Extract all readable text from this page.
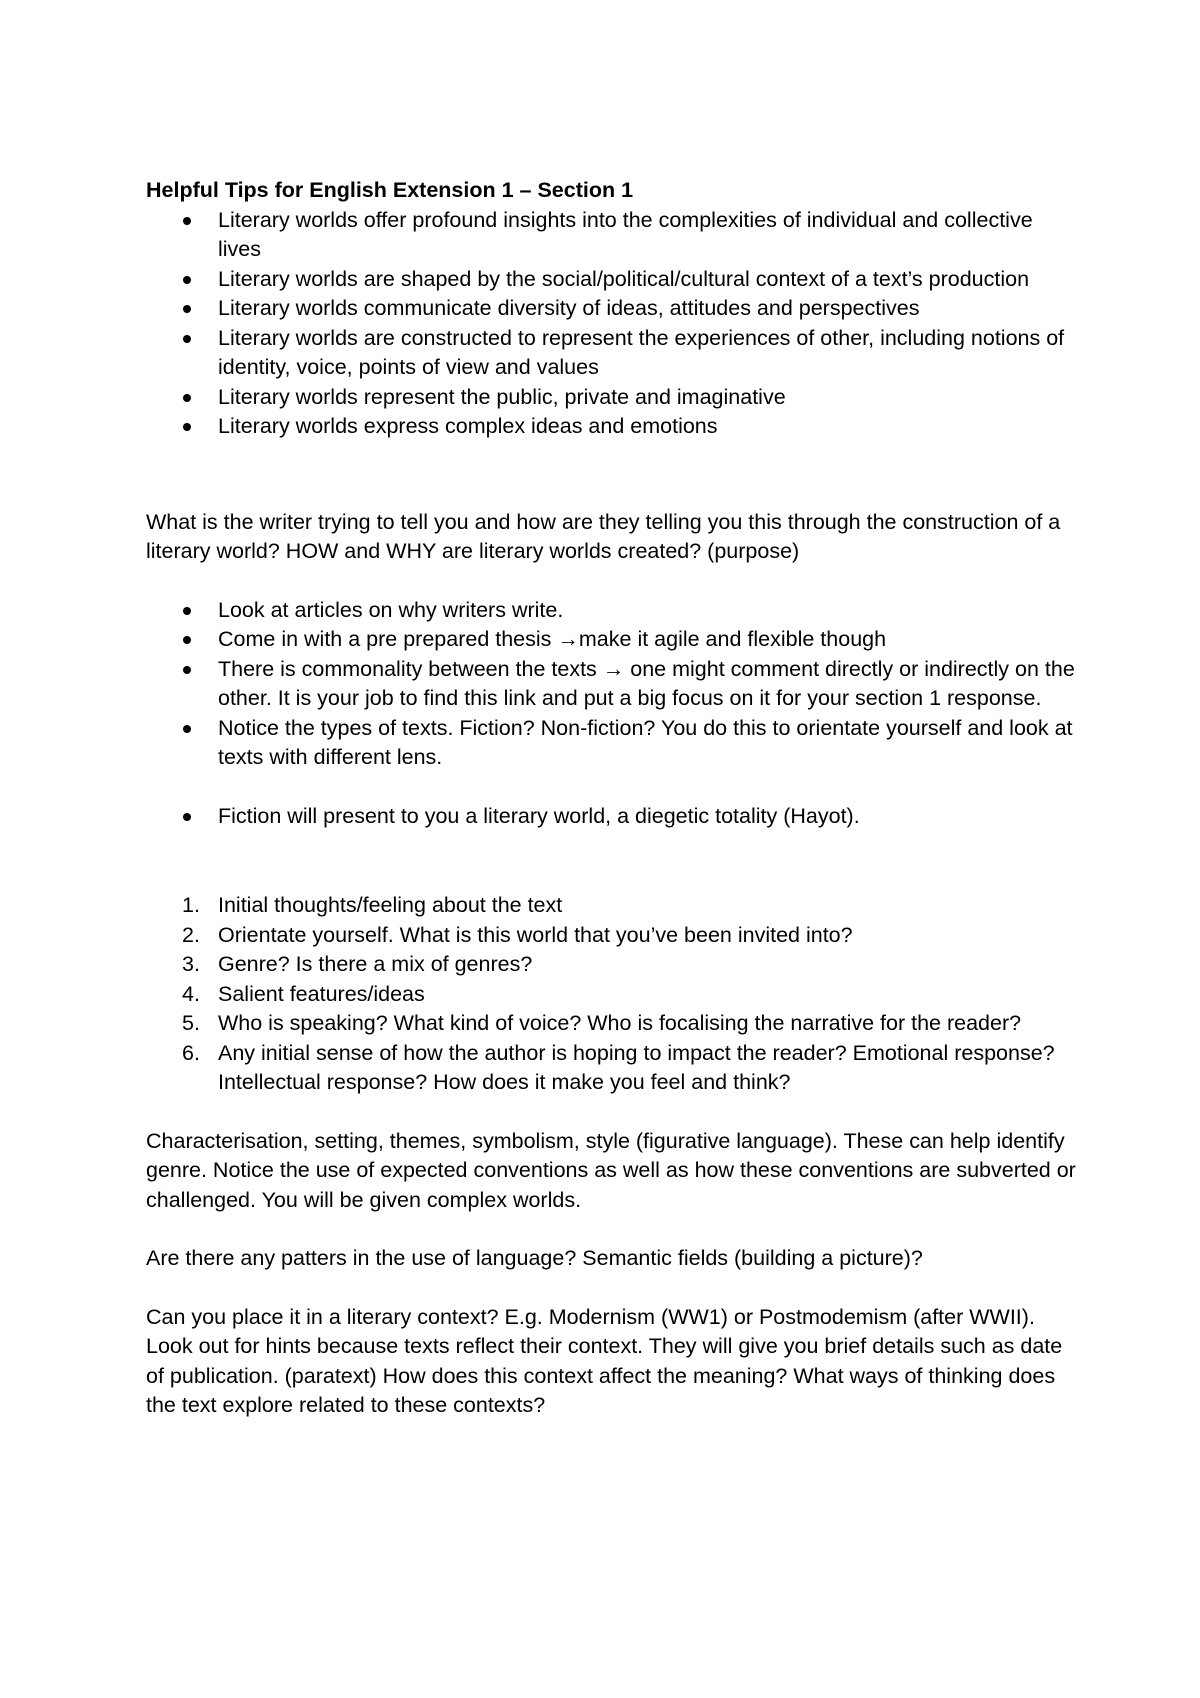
Helpful Tips for English Extension 1 – Section 1

Literary worlds offer profound insights into the complexities of individual and collective lives
Literary worlds are shaped by the social/political/cultural context of a text’s production
Literary worlds communicate diversity of ideas, attitudes and perspectives
Literary worlds are constructed to represent the experiences of other, including notions of identity, voice, points of view and values
Literary worlds represent the public, private and imaginative
Literary worlds express complex ideas and emotions

What is the writer trying to tell you and how are they telling you this through the construction of a literary world? HOW and WHY are literary worlds created? (purpose)

Look at articles on why writers write.
Come in with a pre prepared thesis →make it agile and flexible though
There is commonality between the texts → one might comment directly or indirectly on the other. It is your job to find this link and put a big focus on it for your section 1 response.
Notice the types of texts. Fiction? Non-fiction? You do this to orientate yourself and look at texts with different lens.
Fiction will present to you a literary world, a diegetic totality (Hayot).
1. Initial thoughts/feeling about the text
2. Orientate yourself. What is this world that you’ve been invited into?
3. Genre? Is there a mix of genres?
4. Salient features/ideas
5. Who is speaking? What kind of voice? Who is focalising the narrative for the reader?
6. Any initial sense of how the author is hoping to impact the reader? Emotional response? Intellectual response? How does it make you feel and think?

Characterisation, setting, themes, symbolism, style (figurative language). These can help identify genre. Notice the use of expected conventions as well as how these conventions are subverted or challenged. You will be given complex worlds.

Are there any patters in the use of language? Semantic fields (building a picture)?

Can you place it in a literary context? E.g. Modernism (WW1) or Postmodemism (after WWII). Look out for hints because texts reflect their context. They will give you brief details such as date of publication. (paratext) How does this context affect the meaning? What ways of thinking does the text explore related to these contexts?
